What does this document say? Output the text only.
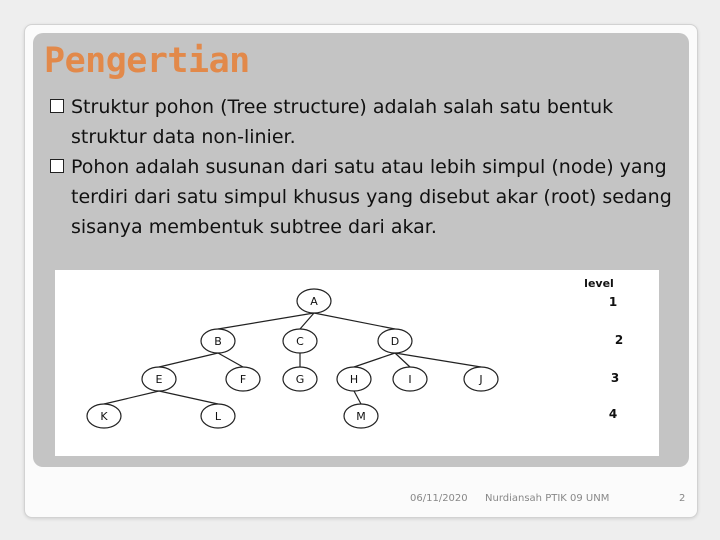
Pengertian
Struktur pohon (Tree structure) adalah salah satu bentuk struktur data non-linier.
Pohon adalah susunan dari satu atau lebih simpul (node) yang terdiri dari satu simpul khusus yang disebut akar (root) sedang sisanya membentuk subtree dari akar.
A
B	C	D
E	F	G	H	I	J
K	L	M
level
1
2
3
4
06/11/2020 Nurdiansah PTIK 09 UNM	2
